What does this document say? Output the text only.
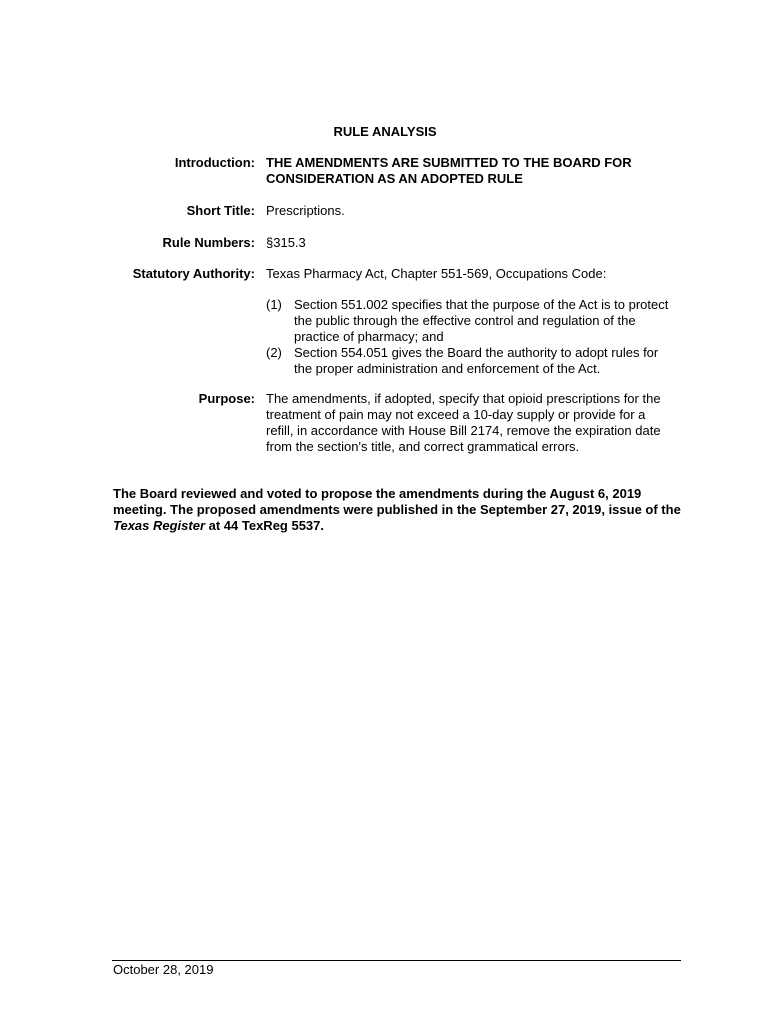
RULE ANALYSIS
Introduction: THE AMENDMENTS ARE SUBMITTED TO THE BOARD FOR CONSIDERATION AS AN ADOPTED RULE
Short Title: Prescriptions.
Rule Numbers: §315.3
Statutory Authority: Texas Pharmacy Act, Chapter 551-569, Occupations Code:
(1) Section 551.002 specifies that the purpose of the Act is to protect the public through the effective control and regulation of the practice of pharmacy; and
(2) Section 554.051 gives the Board the authority to adopt rules for the proper administration and enforcement of the Act.
Purpose: The amendments, if adopted, specify that opioid prescriptions for the treatment of pain may not exceed a 10-day supply or provide for a refill, in accordance with House Bill 2174, remove the expiration date from the section's title, and correct grammatical errors.
The Board reviewed and voted to propose the amendments during the August 6, 2019 meeting. The proposed amendments were published in the September 27, 2019, issue of the Texas Register at 44 TexReg 5537.
October 28, 2019
